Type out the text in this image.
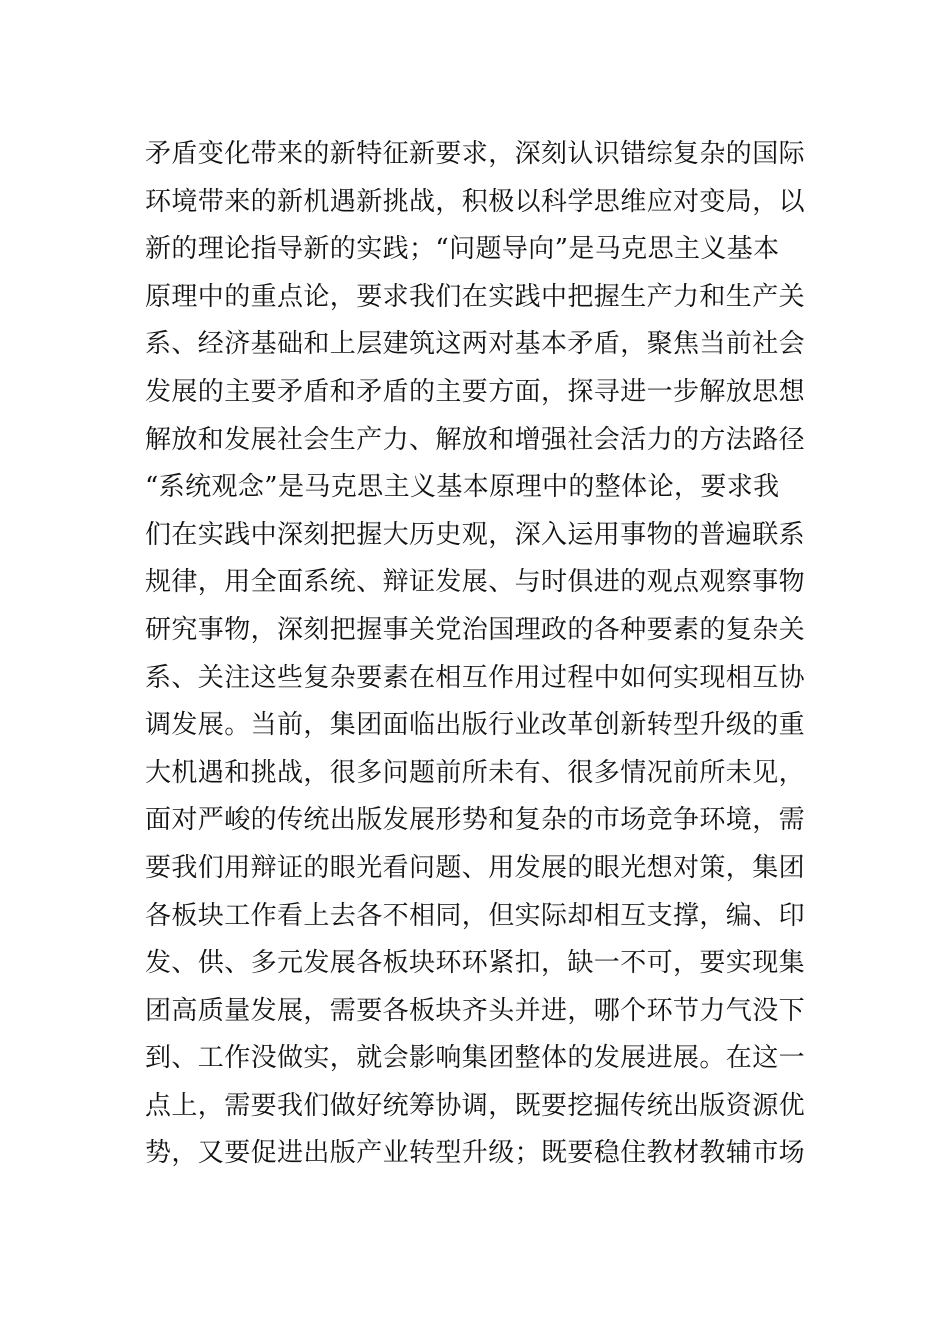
矛盾变化带来的新特征新要求，深刻认识错综复杂的国际
环境带来的新机遇新挑战，积极以科学思维应对变局，以
新的理论指导新的实践；“问题导向”是马克思主义基本
原理中的重点论，要求我们在实践中把握生产力和生产关
系、经济基础和上层建筑这两对基本矛盾，聚焦当前社会
发展的主要矛盾和矛盾的主要方面，探寻进一步解放思想
解放和发展社会生产力、解放和增强社会活力的方法路径
“系统观念”是马克思主义基本原理中的整体论，要求我
们在实践中深刻把握大历史观，深入运用事物的普遍联系
规律，用全面系统、辩证发展、与时俱进的观点观察事物
研究事物，深刻把握事关党治国理政的各种要素的复杂关
系、关注这些复杂要素在相互作用过程中如何实现相互协
调发展。当前，集团面临出版行业改革创新转型升级的重
大机遇和挑战，很多问题前所未有、很多情况前所未见，
面对严峻的传统出版发展形势和复杂的市场竞争环境，需
要我们用辩证的眼光看问题、用发展的眼光想对策，集团
各板块工作看上去各不相同，但实际却相互支撑，编、印
发、供、多元发展各板块环环紧扣，缺一不可，要实现集
团高质量发展，需要各板块齐头并进，哪个环节力气没下
到、工作没做实，就会影响集团整体的发展进展。在这一
点上，需要我们做好统筹协调，既要挖掘传统出版资源优
势，又要促进出版产业转型升级；既要稳住教材教辅市场
